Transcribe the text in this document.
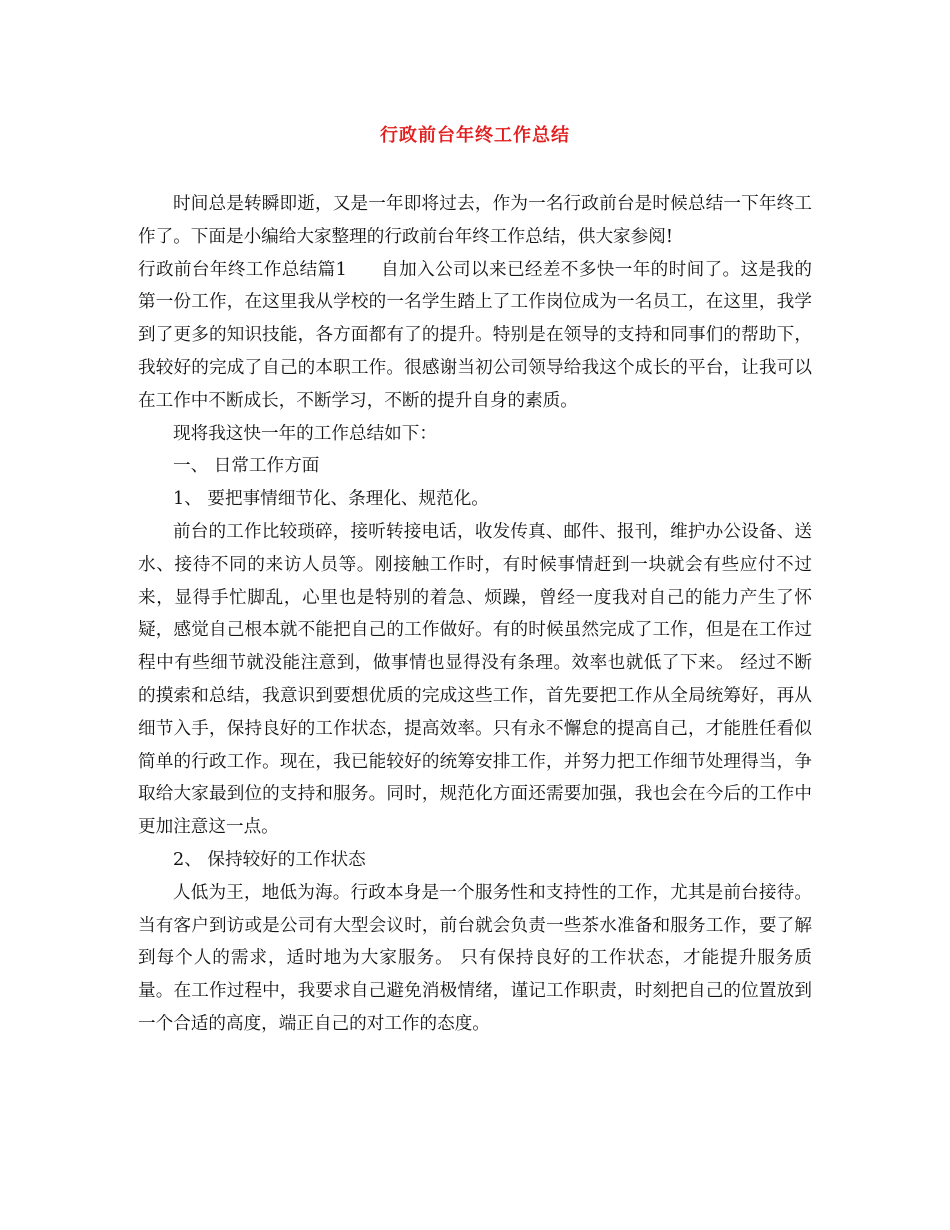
行政前台年终工作总结

时间总是转瞬即逝，又是一年即将过去，作为一名行政前台是时候总结一下年终工作了。下面是小编给大家整理的行政前台年终工作总结，供大家参阅!

行政前台年终工作总结篇1 自加入公司以来已经差不多快一年的时间了。这是我的第一份工作，在这里我从学校的一名学生踏上了工作岗位成为一名员工，在这里，我学到了更多的知识技能，各方面都有了的提升。特别是在领导的支持和同事们的帮助下，我较好的完成了自己的本职工作。很感谢当初公司领导给我这个成长的平台，让我可以在工作中不断成长，不断学习，不断的提升自身的素质。

现将我这快一年的工作总结如下：

一、 日常工作方面

1、 要把事情细节化、条理化、规范化。

前台的工作比较琐碎，接听转接电话，收发传真、邮件、报刊，维护办公设备、送水、接待不同的来访人员等。刚接触工作时，有时候事情赶到一块就会有些应付不过来，显得手忙脚乱，心里也是特别的着急、烦躁，曾经一度我对自己的能力产生了怀疑，感觉自己根本就不能把自己的工作做好。有的时候虽然完成了工作，但是在工作过程中有些细节就没能注意到，做事情也显得没有条理。效率也就低了下来。 经过不断的摸索和总结，我意识到要想优质的完成这些工作，首先要把工作从全局统筹好，再从细节入手，保持良好的工作状态，提高效率。只有永不懈怠的提高自己，才能胜任看似简单的行政工作。现在，我已能较好的统筹安排工作，并努力把工作细节处理得当，争取给大家最到位的支持和服务。同时，规范化方面还需要加强，我也会在今后的工作中更加注意这一点。

2、 保持较好的工作状态

人低为王，地低为海。行政本身是一个服务性和支持性的工作，尤其是前台接待。当有客户到访或是公司有大型会议时，前台就会负责一些茶水准备和服务工作，要了解到每个人的需求，适时地为大家服务。 只有保持良好的工作状态，才能提升服务质量。在工作过程中，我要求自己避免消极情绪，谨记工作职责，时刻把自己的位置放到一个合适的高度，端正自己的对工作的态度。
